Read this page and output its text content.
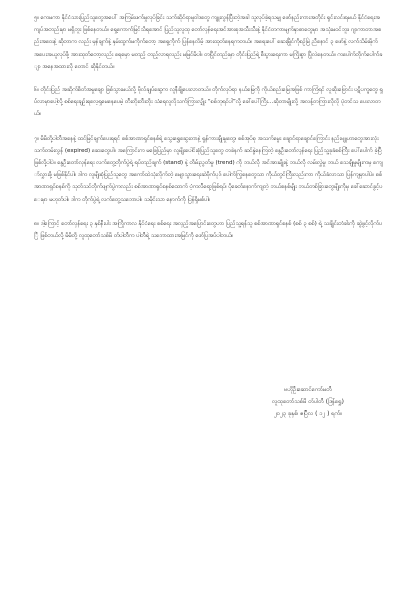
၅။ ကေမကာ နိုင်ငံသားပြည်သူတွေအပေါ် အကြမ်းဖက်မှုလုပ်ခြင်း သက်ဆိုင်ရာမူဝါဒတွေ ကျူးလွန်ပြီးတဲ့အခါ သူလုပ်ခဲ့ရသမျှ ဖော်နည်းကားအတိုင်း ရှင်းလင်းရမယ် နိုင်ငံရေးအကျပ်အတည်းမှာ မရှိဘူး ဖြစ်နေတယ်။ ရှေ့ကောက်မြင်သိရအောင် ပြည်သူလူထု တော်လှန်ရေးအင်အားစုအသီးသီးနဲ့ နိုင်ငံတကာမျက်နှာစာတွေမှာ အသုံးမဝင်ဘူး၊ ဂျာကာတာအစည်းအဝေးနဲ့ ဆိုတာက လည်း မှန်ချက်နဲ့ နှမ်းထွက်မကိုက်တော့ အရှေ့ကိုက် ပြန်နေလိမ့် အားထုတ်နေရကတယ်။ အရေးပေါ် ဆေးမြိုင်ကိုစဉ်မြဲ ညီနောင် ၃ ဖော်နဲ့ လက်သိမ်းမိုက် အပေးအယူလုပ်ဖို့ အားထုတ်တော့လည်း ရေမှော မတည့် တည့်လာရလည်း မမြင်မိပါ။ တပြိုင်တည်းမှာ တိုင်းပြည်ရဲ့ စီးပွားရေးကာ မကြိုးစွာ ပြိုလဲနေတယ်။ ကပေါက်တိုက်ပေါက်ချာ အနေအထားလို တောင် ဆိုနိုင်တယ်။

၆။ တိုင်းပြည် အဆိုက်စိတ်အမှုချော ဖြစ်သွားမယ်လို့ ဗိုလ်ချုပ်ဆွေက လူနီချိုပေးလာတယ်။ တိုက်လုပ်ရာ နယ်မြေကို ကိုယ်စည်းမြေအဖြစ် ကာကြံရင် လူဆိုးဗြောင်း ပဋိပက္ခတွေ ရှုပ်လာမှာပေါ့လို့ စစ်ရေးချဉ်းရလေ့ရှမေနေပေမဲ့ တီးတိုးတီးတိုး သံရေလူလိုသက်ကြားလျှိုး “စစ်ဘုရင်ပါ”လို့ ခေါ်ပေါ်ကြီး…ဆိုတာမျိုးလို့ အလန့်တကြားလိုလို ပုံတင်သ ပေးလာတယ်။

၇။ မိမိတို့ပါတီအနေနဲ့ ထင်မြင်ချက်ပေးရရင် စစ်အာဏာရှင်စနစ်ရဲ့ သွေးရွှေဆွေးတာနဲ့ ရှုန်ကားချိုးမှုတွေ၊ စစ်အုပ်စု အသက်မွေး ချောင်ရာချောင်ကြောင်း နည်းဗျူဟာတွေအားလုံး သက်တမ်းလွန် (expired) ဆေးတွေပါ။ အကြောင်းက မဖြေပြည်မှာ လူမျိုးပေါင်းစုံပြည်သူတွေ တခဲနက် ဆင်နွဲနေကြတဲ့ နွေဦးတော်လှန်ရေး ပြည်သူ့ခုခံစစ်ကြီး ပေါ်ပေါက် ခဲ့ပြီ ဖြစ်လို့ပါပဲ။ နွေဦးတော်လှန်ရေး လက်တွေ့တိုက်ပွဲရဲ့ ရပ်တည်ချက် (stand) နဲ့ တိမ်းညွတ်မှု (trend) ကို ဘယ်လို အင်အားမျိုးနဲ့ ဘယ်လို လမ်းလွှဲမှု ဘယ် သေချိုမှုမျိုးကမှ ကျော်လွှားဖို့ မဖြစ်နိုင်ပါ။ ဒါက လူမျိုးစုံပြည်သူတွေ အကော်ထဲသုံးလိုက်တဲ့ မျောသွားရေးဆဲဗိုက်ပုဒ် ပေါက်ကြွနေတွေသာ ကိုယ်တွင်ကြီးလည်းကာ ကိုယ်ခံလာသာ ပြန်ကျမှာပါပဲ။ စစ်အာဏာရှင်စနစ်ကို သုတ်သင်တိုက်ဖျက်ပွဲကလည်း စစ်အာဏာရှင်စနစ်ထောက် ပံ့ကလီရော့ဖြစ်ရပ်၊ ပိုခေတ်နောက်ကျတဲ့ ဘယ်စနစ်မျိုး ဘယ်တစ်ခြားတွေမျိုးကိုမှ ခေါ်ဆောင်ခွင့်ပေးမှာ မဟုတ်ပါ။ ဒါက တိုက်ပွဲရဲ့ လက်တွေ့သဘောပါ။ သမိုင်းသာ နောက်ကို ပြန်ရှိမစ်ပါ။

၈။ ဒါ့ကြောင့် တော်လှန်ရေး ၃ နှစ်နီးပါး အကြိုကာလ နိုင်ငံရေး စစ်ရေး အလှည့်အပြောင်းတွေဟာ ပြည်သူ့ရန်သူ စစ်အာဏာရှင်စနစ် (စစ် ၃ စစ်) ရဲ့ သချိုင်းတံခါးကို ဆွဲဖွင့်လိုက်ပြီ ဖြစ်တယ်လို့ မိမိတို့ လူထုတော်သစ်မိ တ်ပါတီက ပါတီရဲ့ သဘောထားအမြင်ကို ဖော်ပြအပ်ပါတယ်။

ဗဟိုဦးဆောင်ကော်မတီ
လူထုတော်သစ်မိ တ်ပါတီ (ဒြန်ရွှေ)
၂၀၂၃ ခုနှစ်၊ ဧပြီလ ( ၁၂ ) ရက်။
